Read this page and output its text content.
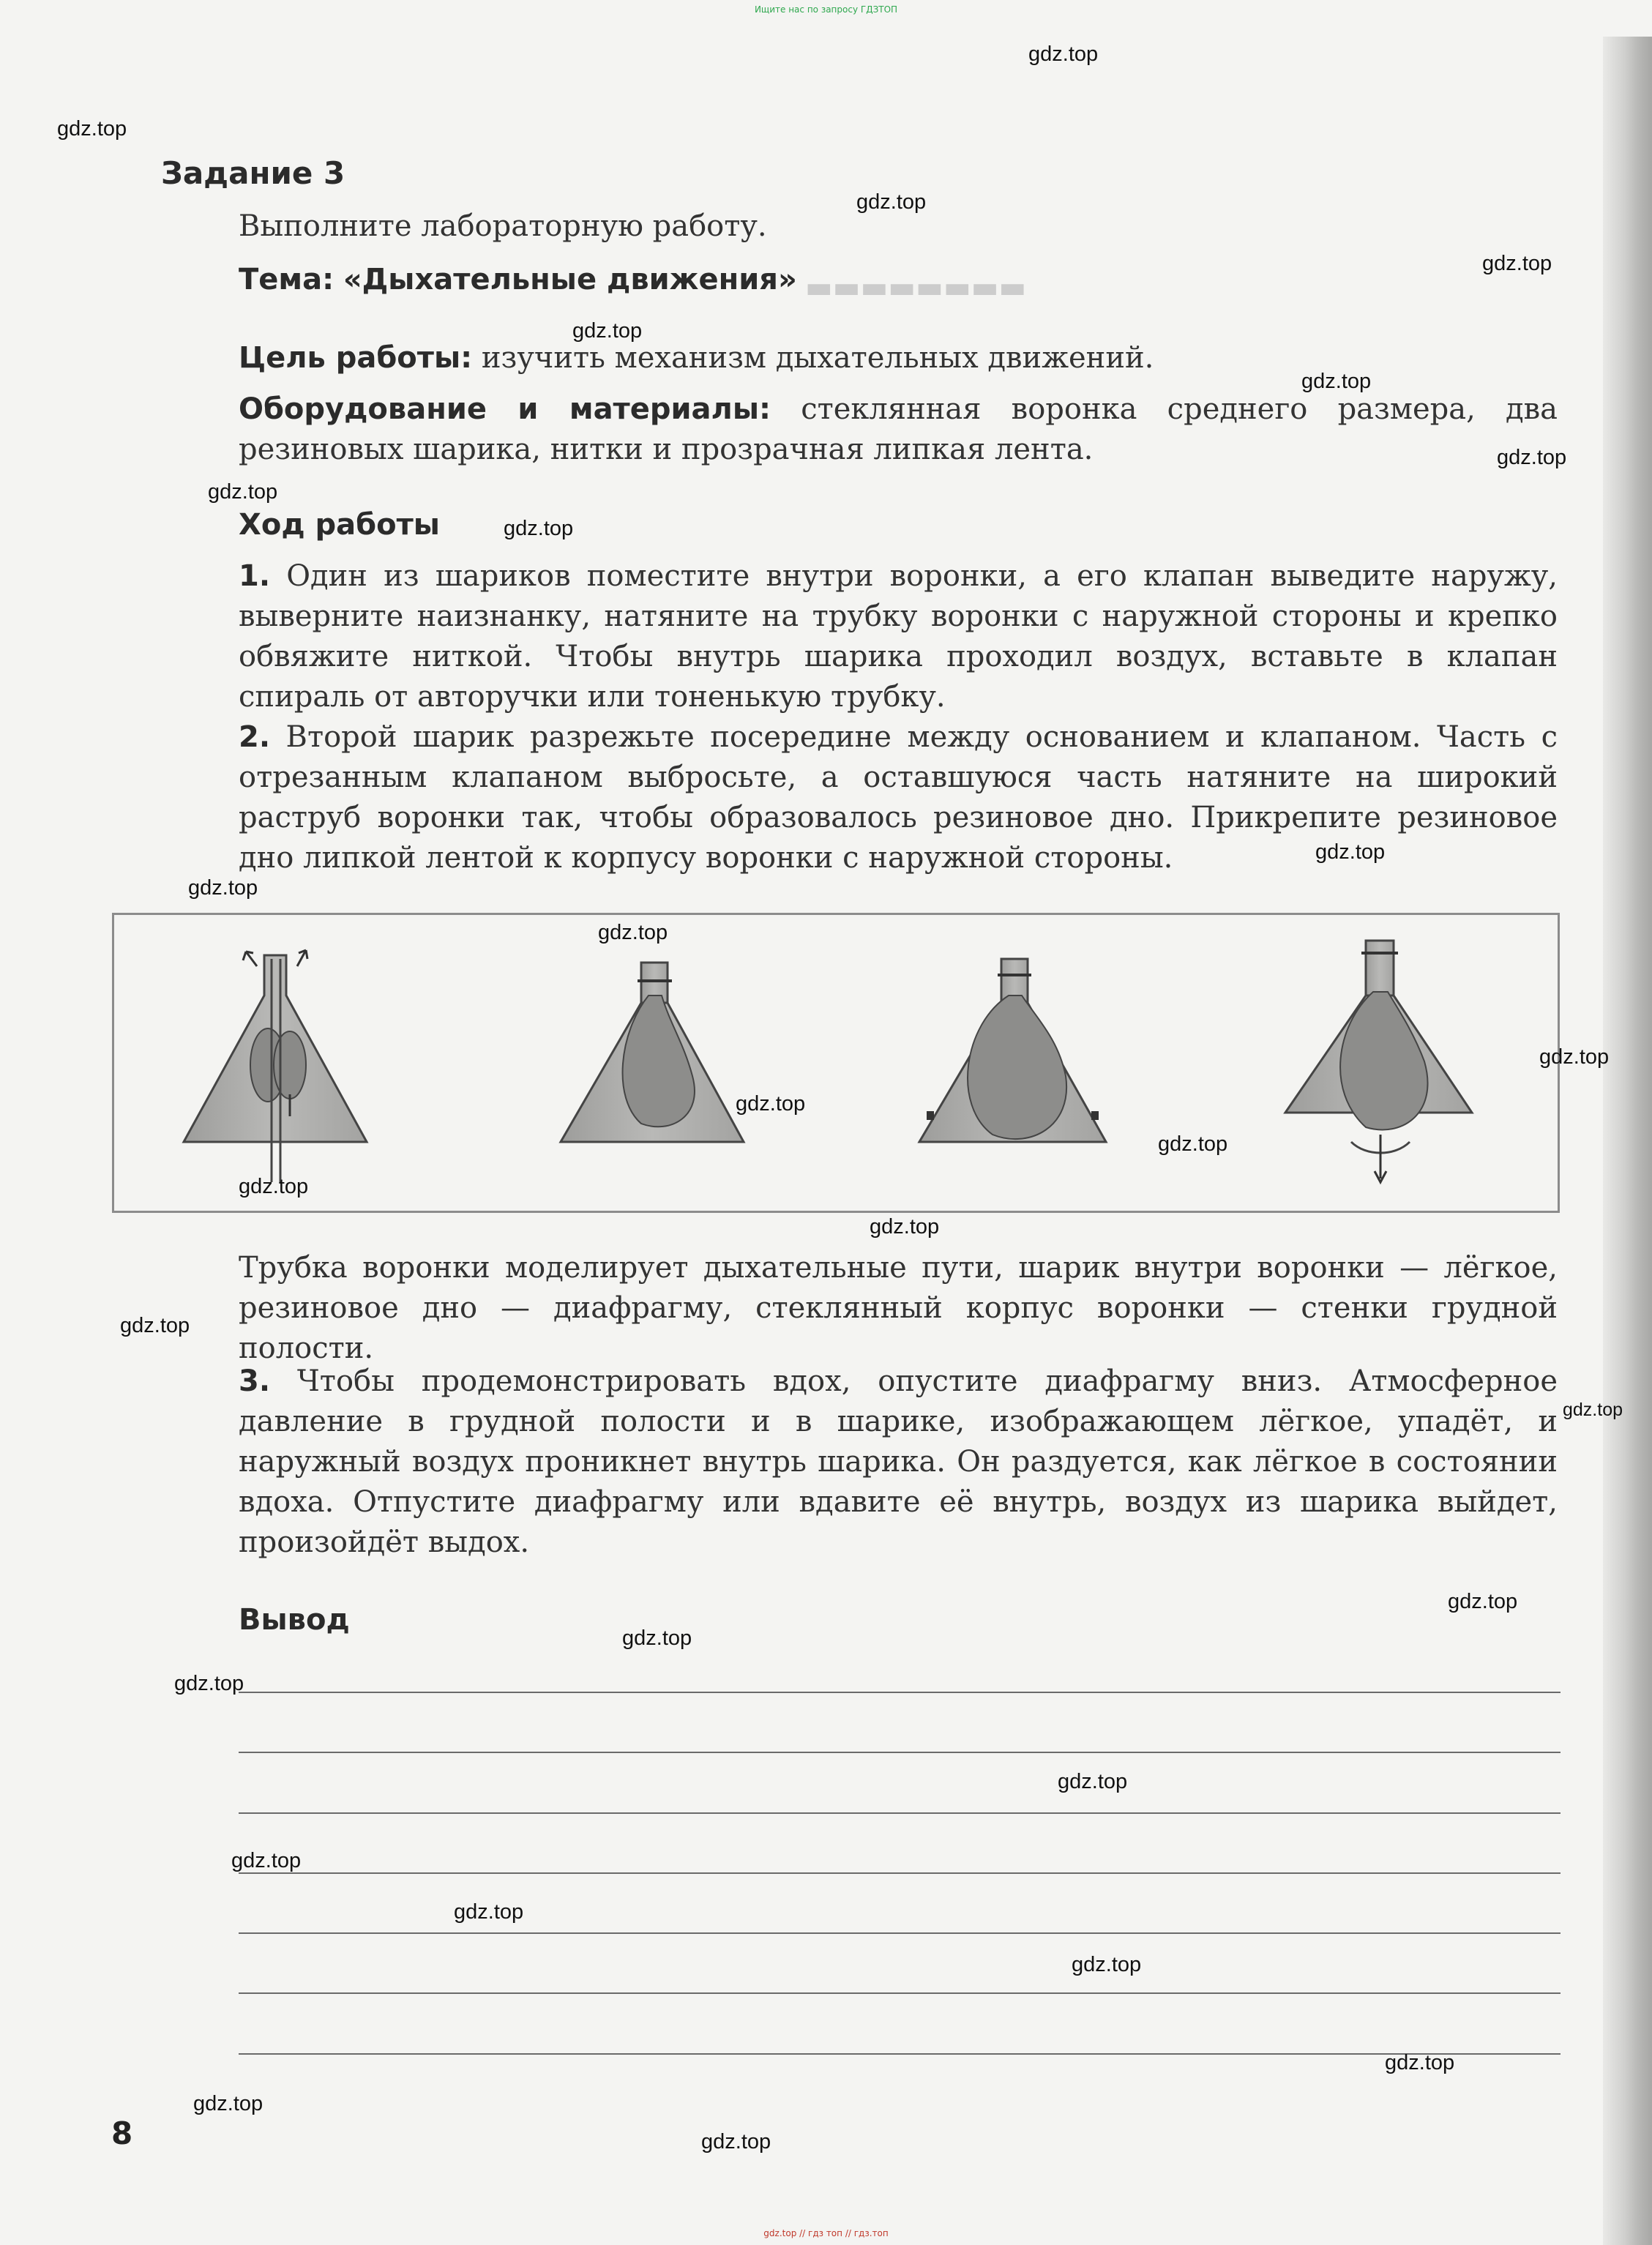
▬▬▬▬▬▬▬▬
Ищите нас по запросу ГДЗТОП
Задание 3
Выполните лабораторную работу.
Тема: «Дыхательные движения»
Цель работы: изучить механизм дыхательных движений.
Оборудование и материалы: стеклянная воронка среднего размера, два резиновых шарика, нитки и прозрачная липкая лента.
Ход работы
1. Один из шариков поместите внутри воронки, а его клапан выведите наружу, выверните наизнанку, натяните на трубку воронки с наружной стороны и крепко обвяжите ниткой. Чтобы внутрь шарика проходил воздух, вставьте в клапан спираль от авторучки или тоненькую трубку.
2. Второй шарик разрежьте посередине между основанием и клапаном. Часть с отрезанным клапаном выбросьте, а оставшуюся часть натяните на широкий раструб воронки так, чтобы образовалось резиновое дно. Прикрепите резиновое дно липкой лентой к корпусу воронки с наружной стороны.
Трубка воронки моделирует дыхательные пути, шарик внутри воронки — лёгкое, резиновое дно — диафрагму, стеклянный корпус воронки — стенки грудной полости.
3. Чтобы продемонстрировать вдох, опустите диафрагму вниз. Атмосферное давление в грудной полости и в шарике, изображающем лёгкое, упадёт, и наружный воздух проникнет внутрь шарика. Он раздуется, как лёгкое в состоянии вдоха. Отпустите диафрагму или вдавите её внутрь, воздух из шарика выйдет, произойдёт выдох.
Вывод
8
gdz.top
gdz.top
gdz.top
gdz.top
gdz.top
gdz.top
gdz.top
gdz.top
gdz.top
gdz.top
gdz.top
gdz.top
gdz.top
gdz.top
gdz.top
gdz.top
gdz.top
gdz.top
gdz.top
gdz.top
gdz.top
gdz.top
gdz.top
gdz.top
gdz.top
gdz.top
gdz.top
gdz.top
gdz.top
gdz.top // гдз топ // гдз.топ
